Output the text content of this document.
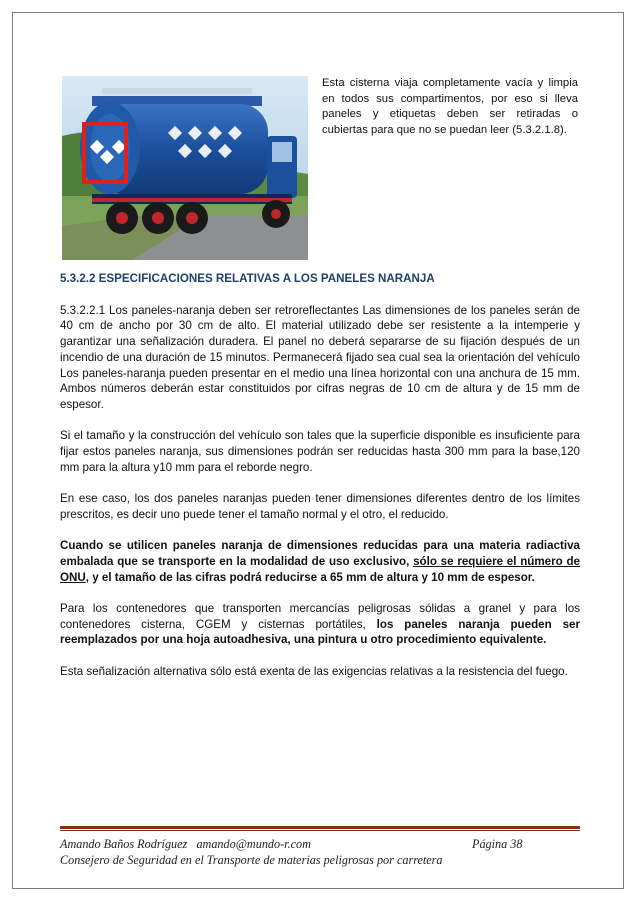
Esta cisterna viaja completamente vacía y limpia en todos sus compartimentos, por eso si lleva paneles y etiquetas deben ser retiradas o cubiertas para que no se puedan leer (5.3.2.1.8).
5.3.2.2 ESPECIFICACIONES RELATIVAS A LOS PANELES NARANJA

5.3.2.2.1 Los paneles-naranja deben ser retroreflectantes Las dimensiones de los paneles serán de 40 cm de ancho por 30 cm de alto. El material utilizado debe ser resistente a la intemperie y garantizar una señalización duradera. El panel no deberá separarse de su fijación después de un incendio de una duración de 15 minutos. Permanecerá fijado sea cual sea la orientación del vehículo Los paneles-naranja pueden presentar en el medio una línea horizontal con una anchura de 15 mm. Ambos números deberán estar constituidos por cifras negras de 10 cm de altura y de 15 mm de espesor.

Si el tamaño y la construcción del vehículo son tales que la superficie disponible es insuficiente para fijar estos paneles naranja, sus dimensiones podrán ser reducidas hasta 300 mm para la base,120 mm para la altura y10 mm para el reborde negro.

En ese caso, los dos paneles naranjas pueden tener dimensiones diferentes dentro de los límites prescritos, es decir uno puede tener el tamaño normal y el otro, el reducido.

Cuando se utilicen paneles naranja de dimensiones reducidas para una materia radiactiva embalada que se transporte en la modalidad de uso exclusivo, sólo se requiere el número de ONU, y el tamaño de las cifras podrá reducirse a 65 mm de altura y 10 mm de espesor.

Para los contenedores que transporten mercancías peligrosas sólidas a granel y para los contenedores cisterna, CGEM y cisternas portátiles, los paneles naranja pueden ser reemplazados por una hoja autoadhesiva, una pintura u otro procedimiento equivalente.

Esta señalización alternativa sólo está exenta de las exigencias relativas a la resistencia del fuego.

Amando Baños Rodríguez amando@mundo-r.com	Página 38
Consejero de Seguridad en el Transporte de materias peligrosas por carretera
